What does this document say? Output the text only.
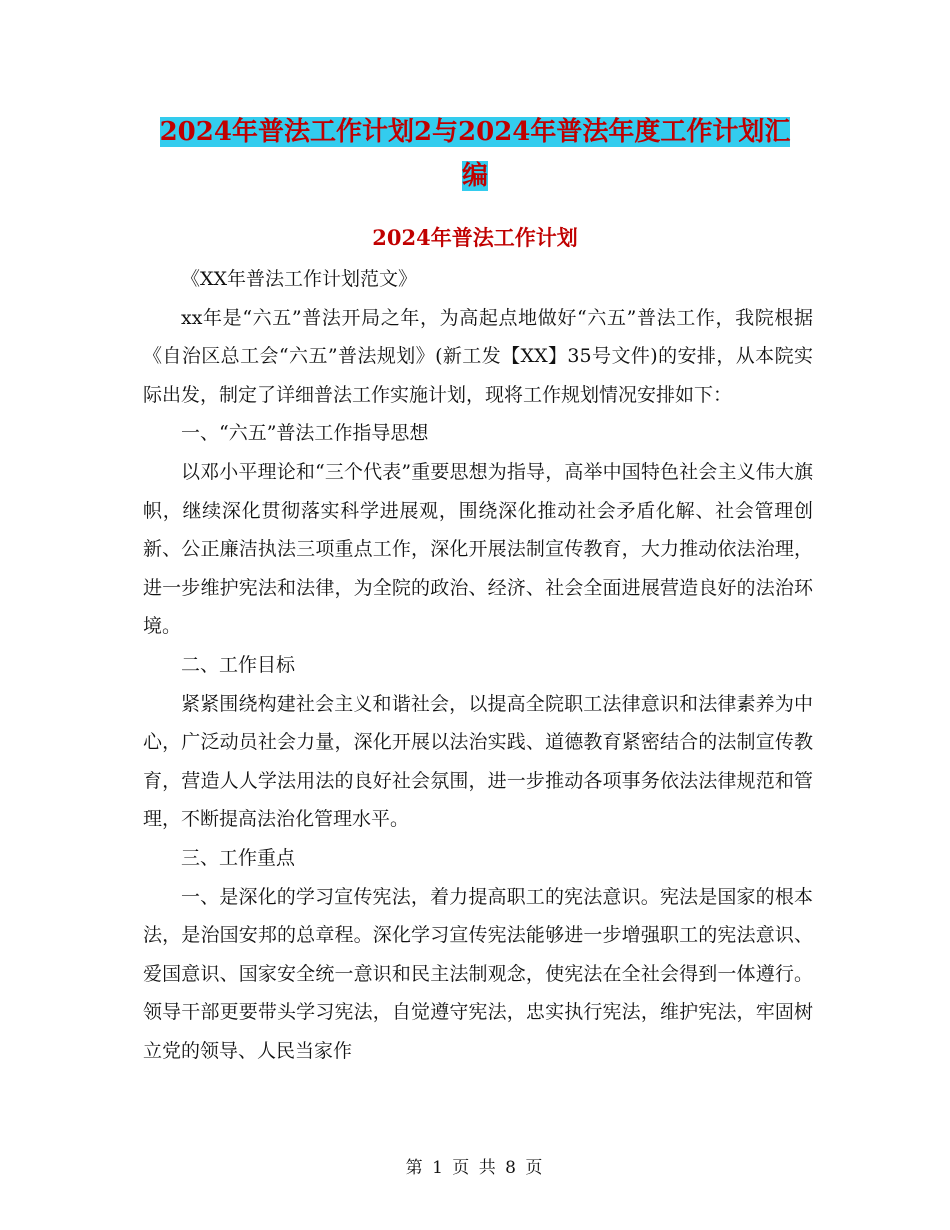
2024年普法工作计划2与2024年普法年度工作计划汇
编
2024年普法工作计划

《XX年普法工作计划范文》

xx年是“六五”普法开局之年，为高起点地做好“六五”普法工作，我院根据《自治区总工会“六五”普法规划》(新工发【XX】35号文件)的安排，从本院实际出发，制定了详细普法工作实施计划，现将工作规划情况安排如下：

一、“六五”普法工作指导思想

以邓小平理论和“三个代表”重要思想为指导，高举中国特色社会主义伟大旗帜，继续深化贯彻落实科学进展观，围绕深化推动社会矛盾化解、社会管理创新、公正廉洁执法三项重点工作，深化开展法制宣传教育，大力推动依法治理，进一步维护宪法和法律，为全院的政治、经济、社会全面进展营造良好的法治环境。

二、工作目标

紧紧围绕构建社会主义和谐社会，以提高全院职工法律意识和法律素养为中心，广泛动员社会力量，深化开展以法治实践、道德教育紧密结合的法制宣传教育，营造人人学法用法的良好社会氛围，进一步推动各项事务依法法律规范和管理，不断提高法治化管理水平。

三、工作重点

一、是深化的学习宣传宪法，着力提高职工的宪法意识。宪法是国家的根本法，是治国安邦的总章程。深化学习宣传宪法能够进一步增强职工的宪法意识、爱国意识、国家安全统一意识和民主法制观念，使宪法在全社会得到一体遵行。领导干部更要带头学习宪法，自觉遵守宪法，忠实执行宪法，维护宪法，牢固树立党的领导、人民当家作

第 1 页 共 8 页
